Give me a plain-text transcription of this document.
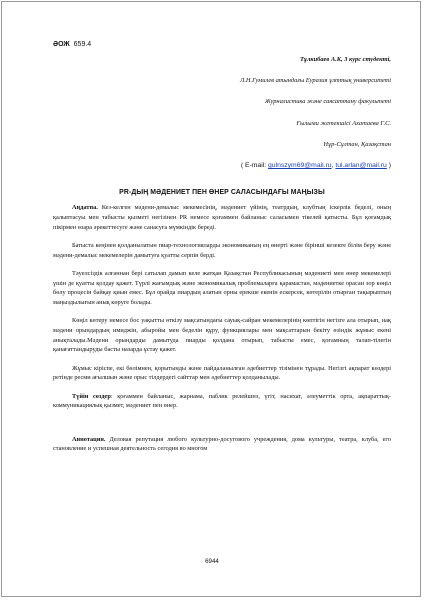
ӘОЖ 659.4

Тұлкибаев А.К, 3 курс студенті,

Л.Н.Гумилев атындағы Еуразия ұлттық университеті

Журналистика және саясаттану факультеті

Ғылыми жетекшісі Ахатаева Г.С.

Нұр-Сұлтан, Қазақстан

( E-mail: gulnszym69@mail.ru, tul.arlan@mail.ru )

PR-ДЫҢ МӘДЕНИЕТ ПЕН ӨНЕР САЛАСЫНДАҒЫ МАҢЫЗЫ

Аңдатпа. Кез-келген мәдени-демалыс мекемесінің, мәдениет үйінің, театрдың, клубтың іскерлік беделі, оның қалыптасуы мен табысты қызметі негізінен PR немесе қоғаммен байланыс саласымен тікелей қатысты. Бұл қоғамдық пікірмен өзара әрекеттесуге және санасуға мүмкіндік береді.

Батыста кеңінен қолданылатын пиар-технологияларды экономиканың ең өнерті және бірінші кезекте білім беру және мәдени-демалыс мекемелерін дамытуға қуатты серпін берді.

Тәуелсіздік алғаннан бері сатылап дамып келе жатқан Қазақстан Республикасының мәдениеті мен өнер мекемелері үшін де қуатты қолдау қажет. Түрлі жағымдық және экономикалық проблемаларға қарамастан, мәдениетке орасан зор көңіл бөлу процесін байқау қиын емес. Бұл орайда пиардың алатын орны ерекше екенін ескерсек, көтерілін отырған тақырыптың маңыздылығын анық көруге болады.

Көңіл көтеру немесе бос уақытты өткізу мақсатындағы сауық-сайран мекемелерінің көптігін негізге ала отырып, нақ мәдени орындардың имиджін, абыройы мен беделін құру, функциялары мен мақсаттарын бекіту өзіндік жұмыс екені анықталады.Мәдени орындарды дамытуда пиарды қолдана отырып, табысты емес, қоғамның талап-тілегін қанағаттандыруды басты назарда ұстау қажет.

Жұмыс кіріспе, екі бөлімнен, қорытынды және пайдаланылған әдебиеттер тізімінен тұрады. Негізгі ақпарат көздері ретінде ресми ағылшын және орыс тілдердегі сайттар мен әдебиеттер қолданылады.

Түйін сөздер: қоғаммен байланыс, жарнама, паблик релейшнз, үгіт, насихат, әлеуметтік орта, ақпараттық-коммуникациялық қызмет, мәдениет пен өнер.

Аннотация. Деловая репутация любого культурно-досугового учреждения, дома культуры, театра, клуба, его становление и успешная деятельность сегодня во многом

6944
